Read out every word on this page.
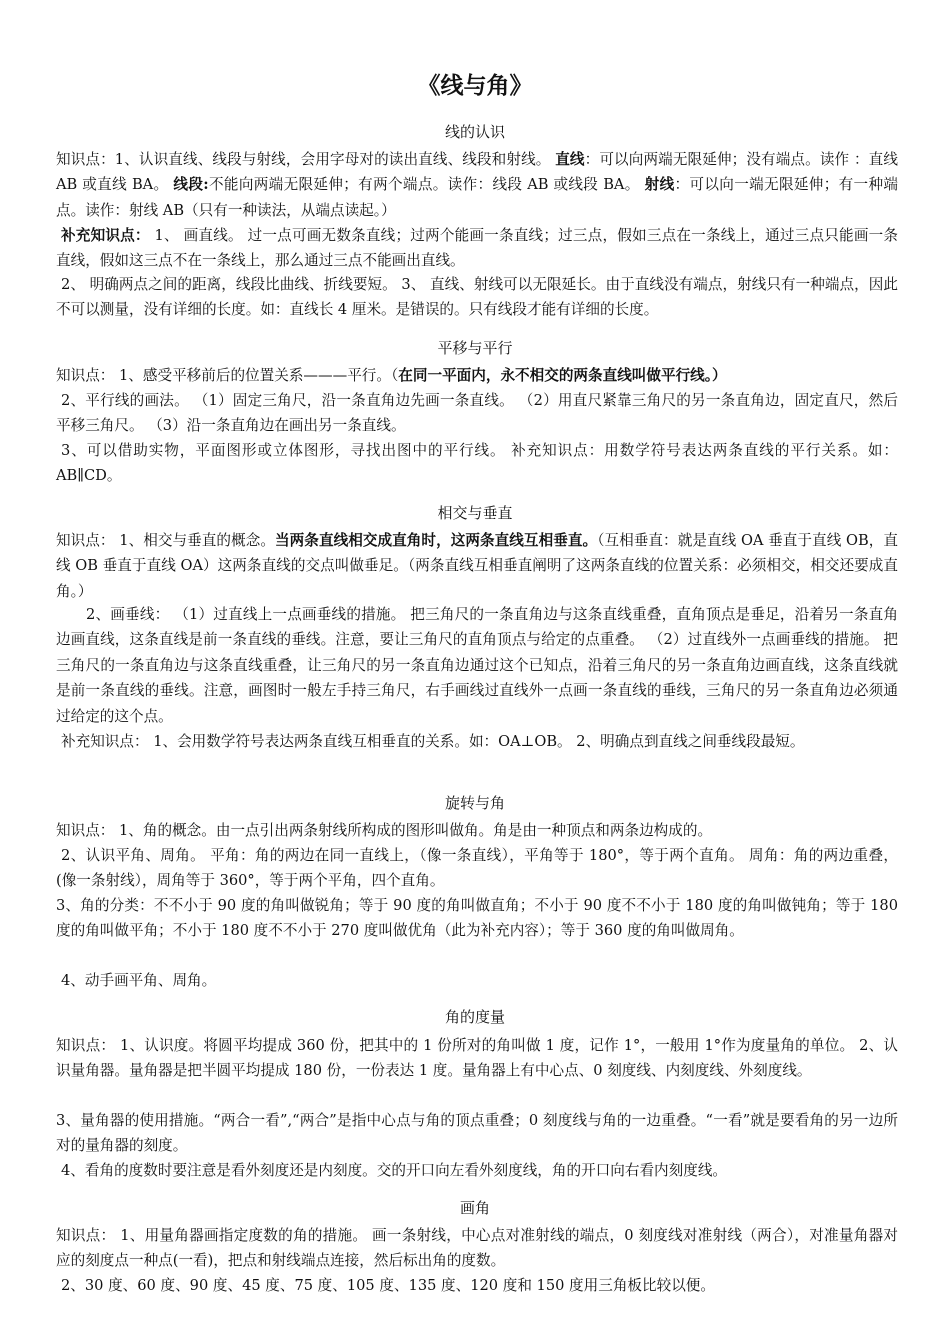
《线与角》
线的认识

知识点：1、认识直线、线段与射线，会用字母对的读出直线、线段和射线。 直线：可以向两端无限延伸；没有端点。读作 ：直线 AB 或直线 BA。 线段:不能向两端无限延伸；有两个端点。读作：线段 AB 或线段 BA。 射线：可以向一端无限延伸；有一种端点。读作：射线 AB（只有一种读法，从端点读起。）

补充知识点： 1、 画直线。 过一点可画无数条直线；过两个能画一条直线；过三点，假如三点在一条线上，通过三点只能画一条直线，假如这三点不在一条线上，那么通过三点不能画出直线。

2、 明确两点之间的距离，线段比曲线、折线要短。 3、 直线、射线可以无限延长。由于直线没有端点，射线只有一种端点，因此不可以测量，没有详细的长度。如：直线长 4 厘米。是错误的。只有线段才能有详细的长度。

平移与平行

知识点： 1、感受平移前后的位置关系———平行。（在同一平面内，永不相交的两条直线叫做平行线。）

2、平行线的画法。 （1）固定三角尺，沿一条直角边先画一条直线。 （2）用直尺紧靠三角尺的另一条直角边，固定直尺，然后平移三角尺。 （3）沿一条直角边在画出另一条直线。

3、可以借助实物，平面图形或立体图形，寻找出图中的平行线。 补充知识点：用数学符号表达两条直线的平行关系。如：AB∥CD。

相交与垂直

知识点： 1、相交与垂直的概念。当两条直线相交成直角时，这两条直线互相垂直。（互相垂直：就是直线 OA 垂直于直线 OB，直线 OB 垂直于直线 OA）这两条直线的交点叫做垂足。（两条直线互相垂直阐明了这两条直线的位置关系：必须相交，相交还要成直角。）

2、画垂线： （1）过直线上一点画垂线的措施。 把三角尺的一条直角边与这条直线重叠，直角顶点是垂足，沿着另一条直角边画直线，这条直线是前一条直线的垂线。注意，要让三角尺的直角顶点与给定的点重叠。 （2）过直线外一点画垂线的措施。 把三角尺的一条直角边与这条直线重叠，让三角尺的另一条直角边通过这个已知点，沿着三角尺的另一条直角边画直线，这条直线就是前一条直线的垂线。注意，画图时一般左手持三角尺，右手画线过直线外一点画一条直线的垂线，三角尺的另一条直角边必须通过给定的这个点。

补充知识点： 1、会用数学符号表达两条直线互相垂直的关系。如：OA⊥OB。 2、明确点到直线之间垂线段最短。

旋转与角

知识点： 1、角的概念。由一点引出两条射线所构成的图形叫做角。角是由一种顶点和两条边构成的。

2、认识平角、周角。 平角：角的两边在同一直线上，（像一条直线），平角等于 180°，等于两个直角。 周角：角的两边重叠，(像一条射线），周角等于 360°，等于两个平角，四个直角。

3、角的分类：不不小于 90 度的角叫做锐角；等于 90 度的角叫做直角；不小于 90 度不不小于 180 度的角叫做钝角；等于 180 度的角叫做平角；不小于 180 度不不小于 270 度叫做优角（此为补充内容）；等于 360 度的角叫做周角。

4、动手画平角、周角。

角的度量

知识点： 1、认识度。将圆平均提成 360 份，把其中的 1 份所对的角叫做 1 度，记作 1°，一般用 1°作为度量角的单位。 2、认识量角器。量角器是把半圆平均提成 180 份，一份表达 1 度。量角器上有中心点、0 刻度线、内刻度线、外刻度线。

3、量角器的使用措施。“两合一看”,“两合”是指中心点与角的顶点重叠；0 刻度线与角的一边重叠。“一看”就是要看角的另一边所对的量角器的刻度。

4、看角的度数时要注意是看外刻度还是内刻度。交的开口向左看外刻度线，角的开口向右看内刻度线。

画角

知识点： 1、用量角器画指定度数的角的措施。 画一条射线，中心点对准射线的端点，0 刻度线对准射线（两合），对准量角器对应的刻度点一种点(一看)，把点和射线端点连接，然后标出角的度数。

2、30 度、60 度、90 度、45 度、75 度、105 度、135 度、120 度和 150 度用三角板比较以便。
